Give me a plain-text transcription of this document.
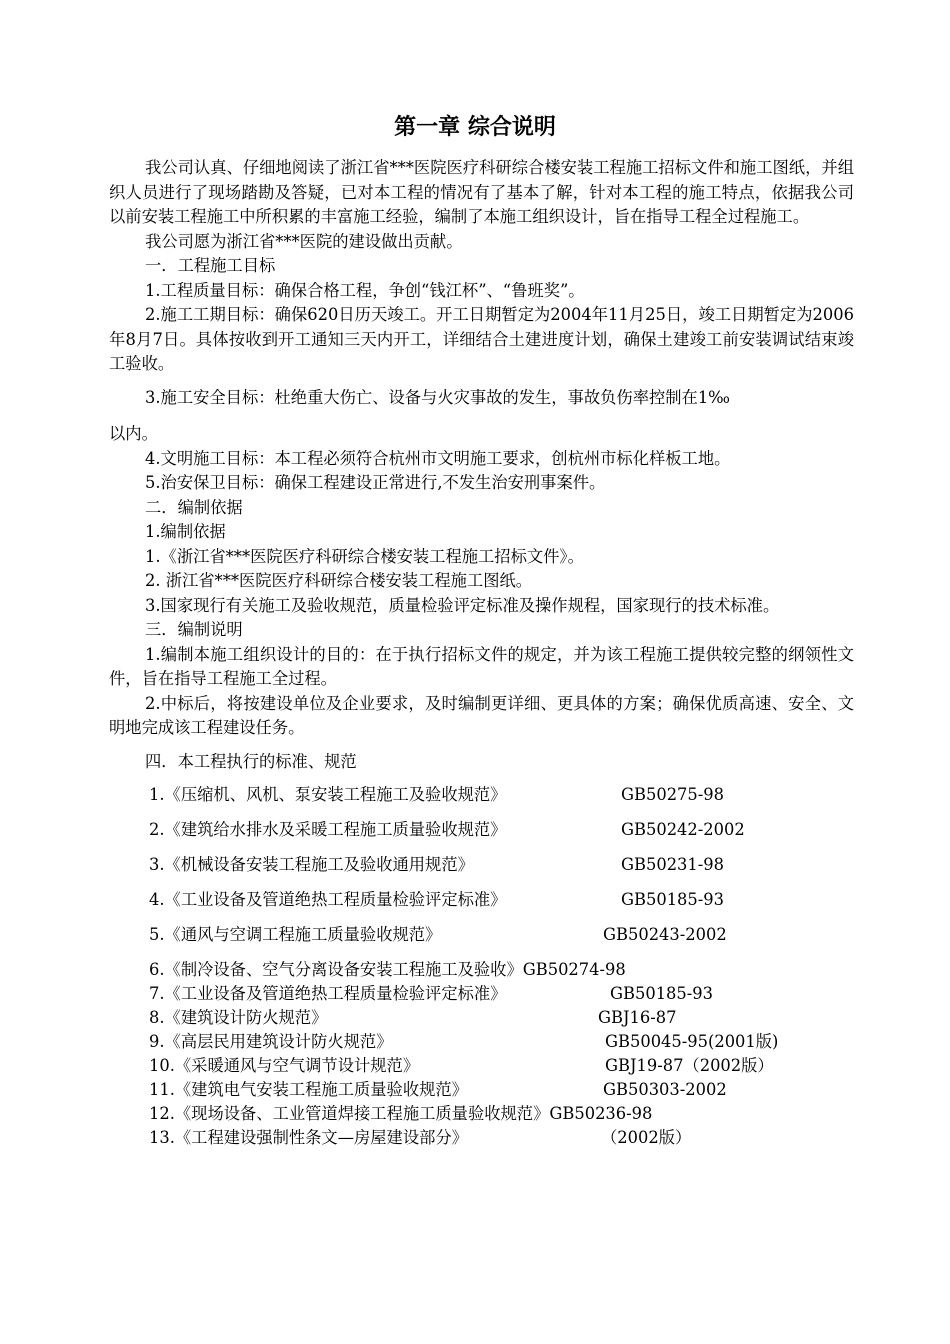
第一章 综合说明

我公司认真、仔细地阅读了浙江省***医院医疗科研综合楼安装工程施工招标文件和施工图纸，并组织人员进行了现场踏勘及答疑，已对本工程的情况有了基本了解，针对本工程的施工特点，依据我公司以前安装工程施工中所积累的丰富施工经验，编制了本施工组织设计，旨在指导工程全过程施工。

我公司愿为浙江省***医院的建设做出贡献。

一．工程施工目标

1.工程质量目标：确保合格工程，争创“钱江杯”、“鲁班奖”。

2.施工工期目标：确保620日历天竣工。开工日期暂定为2004年11月25日，竣工日期暂定为2006年8月7日。具体按收到开工通知三天内开工，详细结合土建进度计划，确保土建竣工前安装调试结束竣工验收。

3.施工安全目标：杜绝重大伤亡、设备与火灾事故的发生，事故负伤率控制在1‰

以内。

4.文明施工目标：本工程必须符合杭州市文明施工要求，创杭州市标化样板工地。

5.治安保卫目标：确保工程建设正常进行,不发生治安刑事案件。

二．编制依据

1.编制依据

1.《浙江省***医院医疗科研综合楼安装工程施工招标文件》。

2. 浙江省***医院医疗科研综合楼安装工程施工图纸。

3.国家现行有关施工及验收规范，质量检验评定标准及操作规程，国家现行的技术标准。

三．编制说明

1.编制本施工组织设计的目的：在于执行招标文件的规定，并为该工程施工提供较完整的纲领性文件，旨在指导工程施工全过程。

2.中标后，将按建设单位及企业要求，及时编制更详细、更具体的方案；确保优质高速、安全、文明地完成该工程建设任务。

四．本工程执行的标准、规范

1.《压缩机、风机、泵安装工程施工及验收规范》	GB50275-98
2.《建筑给水排水及采暖工程施工质量验收规范》	GB50242-2002
3.《机械设备安装工程施工及验收通用规范》	GB50231-98
4.《工业设备及管道绝热工程质量检验评定标准》	GB50185-93
5.《通风与空调工程施工质量验收规范》	GB50243-2002
6.《制冷设备、空气分离设备安装工程施工及验收》GB50274-98
7.《工业设备及管道绝热工程质量检验评定标准》	GB50185-93
8.《建筑设计防火规范》	GBJ16-87
9.《高层民用建筑设计防火规范》	GB50045-95(2001版)
10.《采暖通风与空气调节设计规范》	GBJ19-87（2002版）
11.《建筑电气安装工程施工质量验收规范》	GB50303-2002
12.《现场设备、工业管道焊接工程施工质量验收规范》GB50236-98
13.《工程建设强制性条文—房屋建设部分》	（2002版）
